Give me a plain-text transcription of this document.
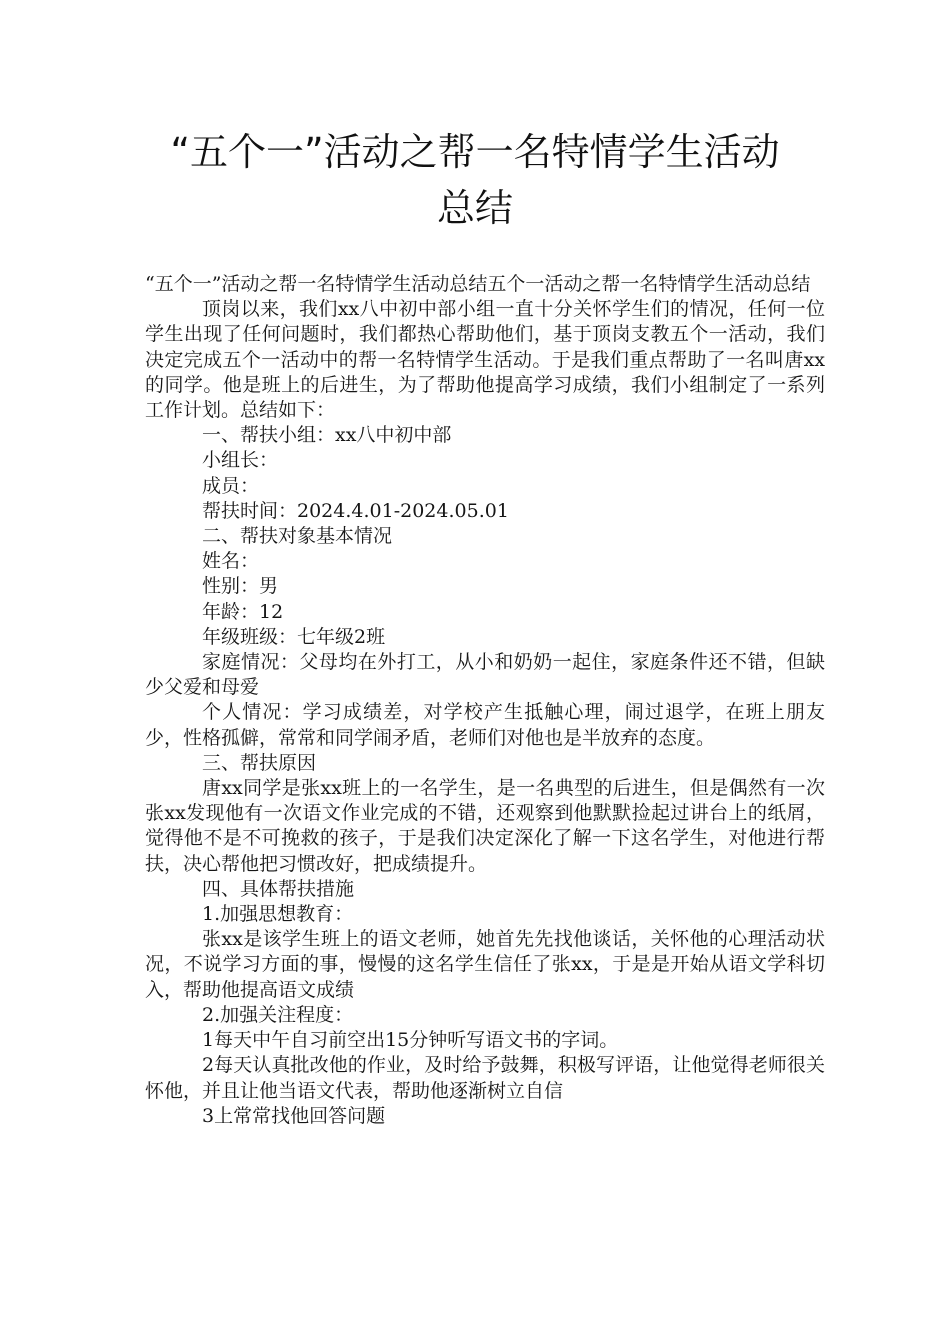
“五个一”活动之帮一名特情学生活动
总结

“五个一”活动之帮一名特情学生活动总结五个一活动之帮一名特情学生活动总结

顶岗以来，我们xx八中初中部小组一直十分关怀学生们的情况，任何一位学生出现了任何问题时，我们都热心帮助他们，基于顶岗支教五个一活动，我们决定完成五个一活动中的帮一名特情学生活动。于是我们重点帮助了一名叫唐xx的同学。他是班上的后进生，为了帮助他提高学习成绩，我们小组制定了一系列工作计划。总结如下：

一、帮扶小组：xx八中初中部

小组长：

成员：

帮扶时间：2024.4.01-2024.05.01

二、帮扶对象基本情况

姓名：

性别：男

年龄：12

年级班级：七年级2班

家庭情况：父母均在外打工，从小和奶奶一起住，家庭条件还不错，但缺少父爱和母爱

个人情况：学习成绩差，对学校产生抵触心理，闹过退学，在班上朋友少，性格孤僻，常常和同学闹矛盾，老师们对他也是半放弃的态度。

三、帮扶原因

唐xx同学是张xx班上的一名学生，是一名典型的后进生，但是偶然有一次张xx发现他有一次语文作业完成的不错，还观察到他默默捡起过讲台上的纸屑，觉得他不是不可挽救的孩子，于是我们决定深化了解一下这名学生，对他进行帮扶，决心帮他把习惯改好，把成绩提升。

四、具体帮扶措施

1.加强思想教育：

张xx是该学生班上的语文老师，她首先先找他谈话，关怀他的心理活动状况，不说学习方面的事，慢慢的这名学生信任了张xx，于是是开始从语文学科切入，帮助他提高语文成绩

2.加强关注程度：

1每天中午自习前空出15分钟听写语文书的字词。

2每天认真批改他的作业，及时给予鼓舞，积极写评语，让他觉得老师很关怀他，并且让他当语文代表，帮助他逐渐树立自信

3上常常找他回答问题
